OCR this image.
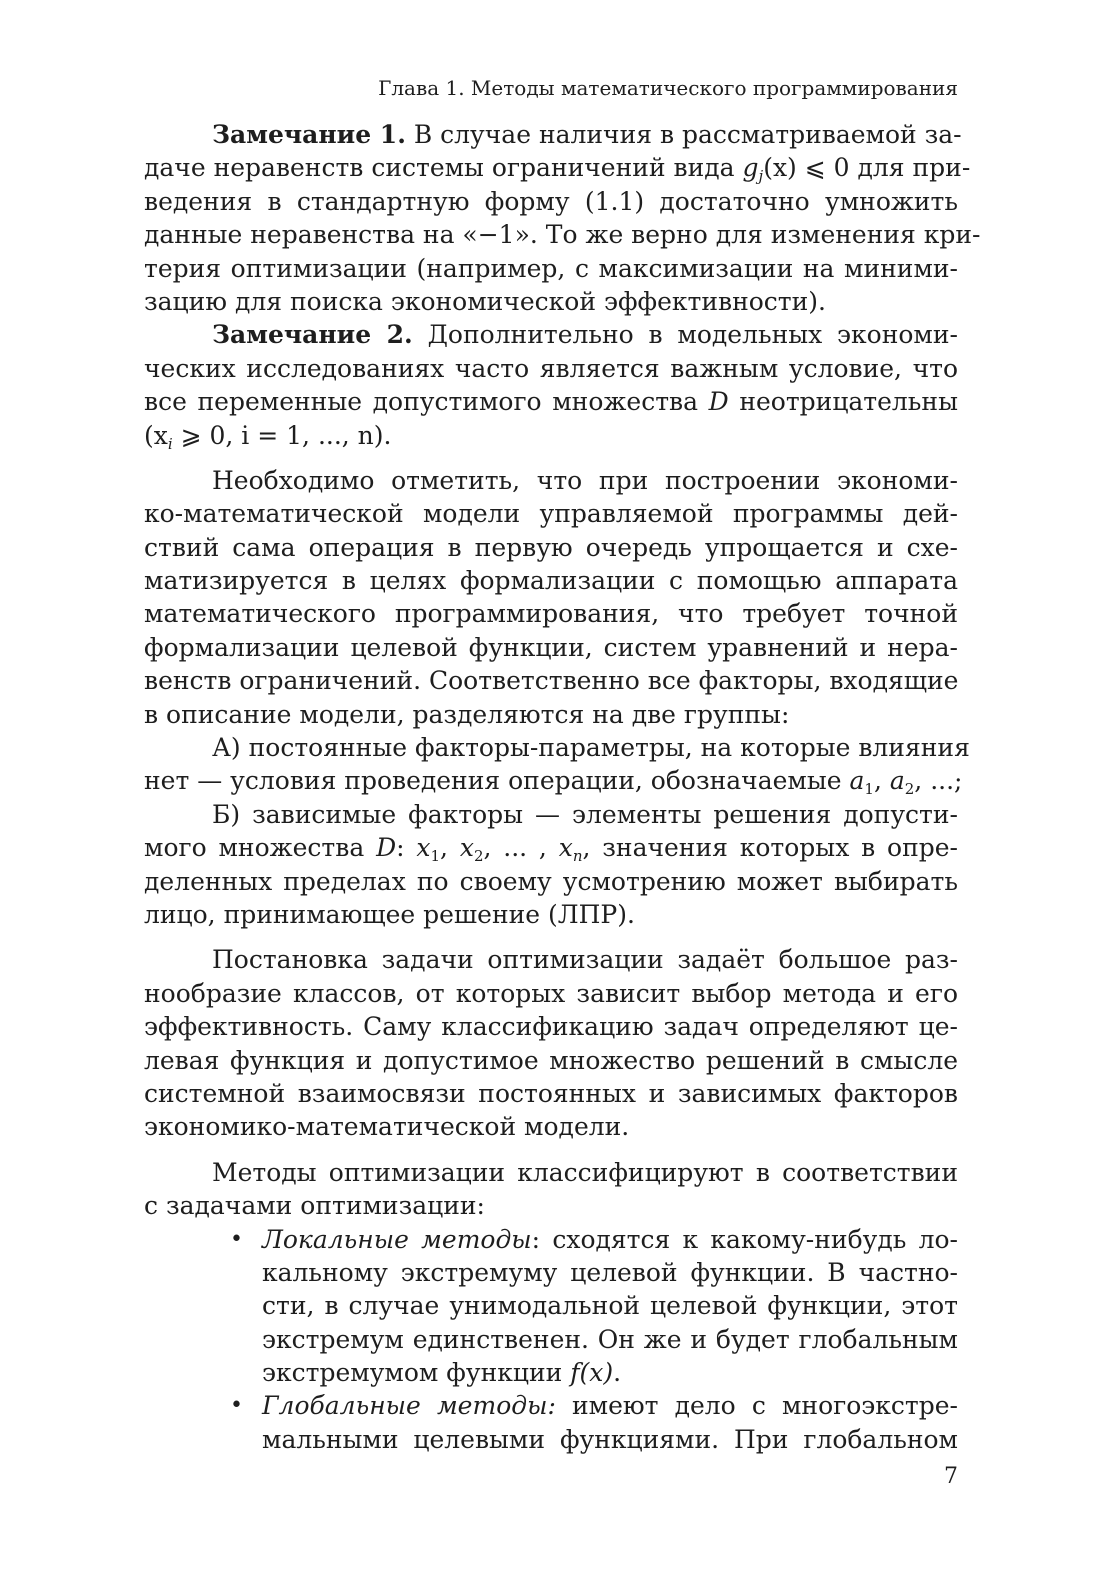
Глава 1. Методы математического программирования
Замечание 1. В случае наличия в рассматриваемой за-
даче неравенств системы ограничений вида $g_j(x)$ ⩽ 0 для при-
ведения в стандартную форму (1.1) достаточно умножить
данные неравенства на «−1». То же верно для изменения кри-
терия оптимизации (например, с максимизации на миними-
зацию для поиска экономической эффективности).
Замечание 2. Дополнительно в модельных экономи-
ческих исследованиях часто является важным условие, что
все переменные допустимого множества D неотрицательны
($x_i$ ⩾ 0, i = 1, ..., n).
Необходимо отметить, что при построении экономи-
ко-математической модели управляемой программы дей-
ствий сама операция в первую очередь упрощается и схе-
матизируется в целях формализации с помощью аппарата
математического программирования, что требует точной
формализации целевой функции, систем уравнений и нера-
венств ограничений. Соответственно все факторы, входящие
в описание модели, разделяются на две группы:
А) постоянные факторы-параметры, на которые влияния
нет — условия проведения операции, обозначаемые $a_1$, $a_2$, ...;
Б) зависимые факторы — элементы решения допусти-
мого множества D: $x_1$, $x_2$, ... , $x_n$, значения которых в опре-
деленных пределах по своему усмотрению может выбирать
лицо, принимающее решение (ЛПР).
Постановка задачи оптимизации задаёт большое раз-
нообразие классов, от которых зависит выбор метода и его
эффективность. Саму классификацию задач определяют це-
левая функция и допустимое множество решений в смысле
системной взаимосвязи постоянных и зависимых факторов
экономико-математической модели.
Методы оптимизации классифицируют в соответствии
с задачами оптимизации:
• Локальные методы: сходятся к какому-нибудь ло-
кальному экстремуму целевой функции. В частно-
сти, в случае унимодальной целевой функции, этот
экстремум единственен. Он же и будет глобальным
экстремумом функции f(x).
• Глобальные методы: имеют дело с многоэкстре-
мальными целевыми функциями. При глобальном
7
